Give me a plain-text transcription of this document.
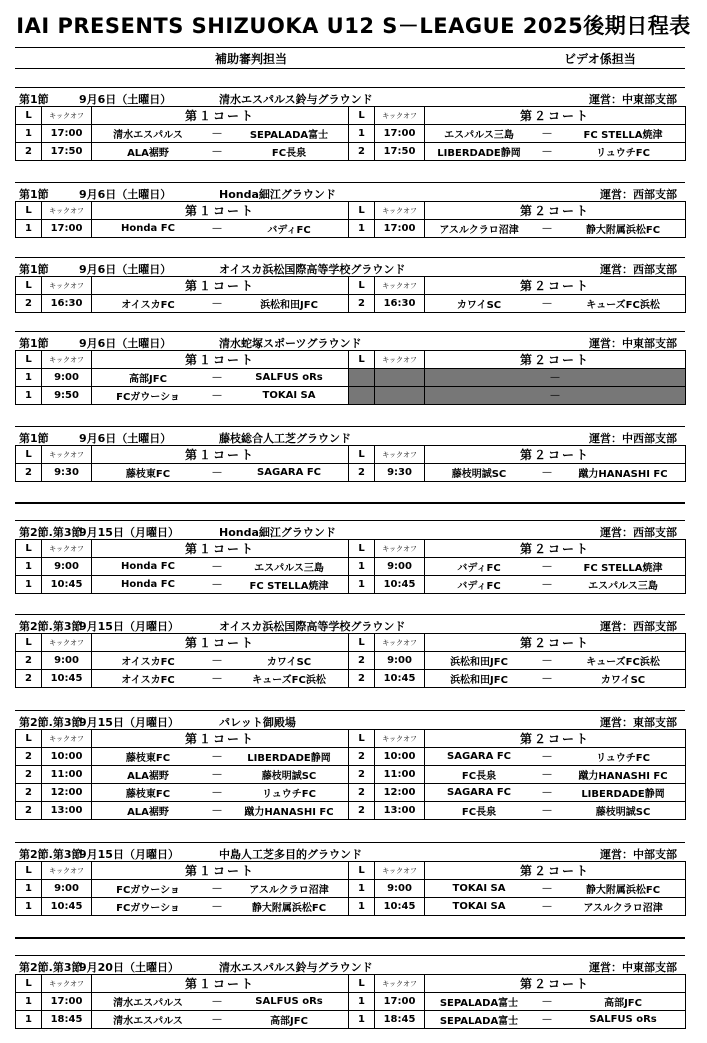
IAI PRESENTS SHIZUOKA U12 S－LEAGUE 2025後期日程表
補助審判担当	ビデオ係担当
第1節	9月6日（土曜日）	清水エスパルス鈴与グラウンド	運営：中東部支部
L	キックオフ	第１コート	L	キックオフ	第２コート
1	17:00	清水エスパルス — SEPALADA富士	1	17:00	エスパルス三島 — FC STELLA焼津

2	17:50	ALA裾野 — FC長泉	2	17:50	LIBERDADE静岡 — リュウチFC
第1節	9月6日（土曜日）	Honda細江グラウンド	運営：西部支部
L	キックオフ	第１コート	L	キックオフ	第２コート
1	17:00	Honda FC — バディFC	1	17:00	アスルクラロ沼津 — 静大附属浜松FC
第1節	9月6日（土曜日）	オイスカ浜松国際高等学校グラウンド	運営：西部支部
L	キックオフ	第１コート	L	キックオフ	第２コート
2	16:30	オイスカFC — 浜松和田JFC	2	16:30	カワイSC — キューズFC浜松
第1節	9月6日（土曜日）	清水蛇塚スポーツグラウンド	運営：中東部支部
L	キックオフ	第１コート	L	キックオフ	第２コート
1	9:00	高部JFC — SALFUS oRs			—
1	9:50	FCガウーショ — TOKAI SA			—
第1節	9月6日（土曜日）	藤枝総合人工芝グラウンド	運営：中西部支部
L	キックオフ	第１コート	L	キックオフ	第２コート
2	9:30	藤枝東FC — SAGARA FC	2	9:30	藤枝明誠SC — 蹴力HANASHI FC
第2節.第3節
9月15日（月曜日）	Honda細江グラウンド	運営：西部支部
L	キックオフ	第１コート	L	キックオフ	第２コート
1	9:00	Honda FC — エスパルス三島	1	9:00	バディFC — FC STELLA焼津

1	10:45	Honda FC — FC STELLA焼津	1	10:45	バディFC — エスパルス三島
第2節.第3節
9月15日（月曜日）	オイスカ浜松国際高等学校グラウンド	運営：西部支部
L	キックオフ	第１コート	L	キックオフ	第２コート
2	9:00	オイスカFC — カワイSC	2	9:00	浜松和田JFC — キューズFC浜松

2	10:45	オイスカFC — キューズFC浜松	2	10:45	浜松和田JFC — カワイSC
第2節.第3節
9月15日（月曜日）	パレット御殿場	運営：東部支部
L	キックオフ	第１コート	L	キックオフ	第２コート
2	10:00	藤枝東FC — LIBERDADE静岡	2	10:00	SAGARA FC — リュウチFC

2	11:00	ALA裾野 — 藤枝明誠SC	2	11:00	FC長泉 — 蹴力HANASHI FC

2	12:00	藤枝東FC — リュウチFC	2	12:00	SAGARA FC — LIBERDADE静岡

2	13:00	ALA裾野 — 蹴力HANASHI FC	2	13:00	FC長泉 — 藤枝明誠SC
第2節.第3節
9月15日（月曜日）	中島人工芝多目的グラウンド	運営：中部支部
L	キックオフ	第１コート	L	キックオフ	第２コート
1	9:00	FCガウーショ — アスルクラロ沼津	1	9:00	TOKAI SA — 静大附属浜松FC

1	10:45	FCガウーショ — 静大附属浜松FC	1	10:45	TOKAI SA — アスルクラロ沼津
第2節.第3節
9月20日（土曜日）	清水エスパルス鈴与グラウンド	運営：中東部支部
L	キックオフ	第１コート	L	キックオフ	第２コート
1	17:00	清水エスパルス — SALFUS oRs	1	17:00	SEPALADA富士 — 高部JFC

1	18:45	清水エスパルス — 高部JFC	1	18:45	SEPALADA富士 — SALFUS oRs
